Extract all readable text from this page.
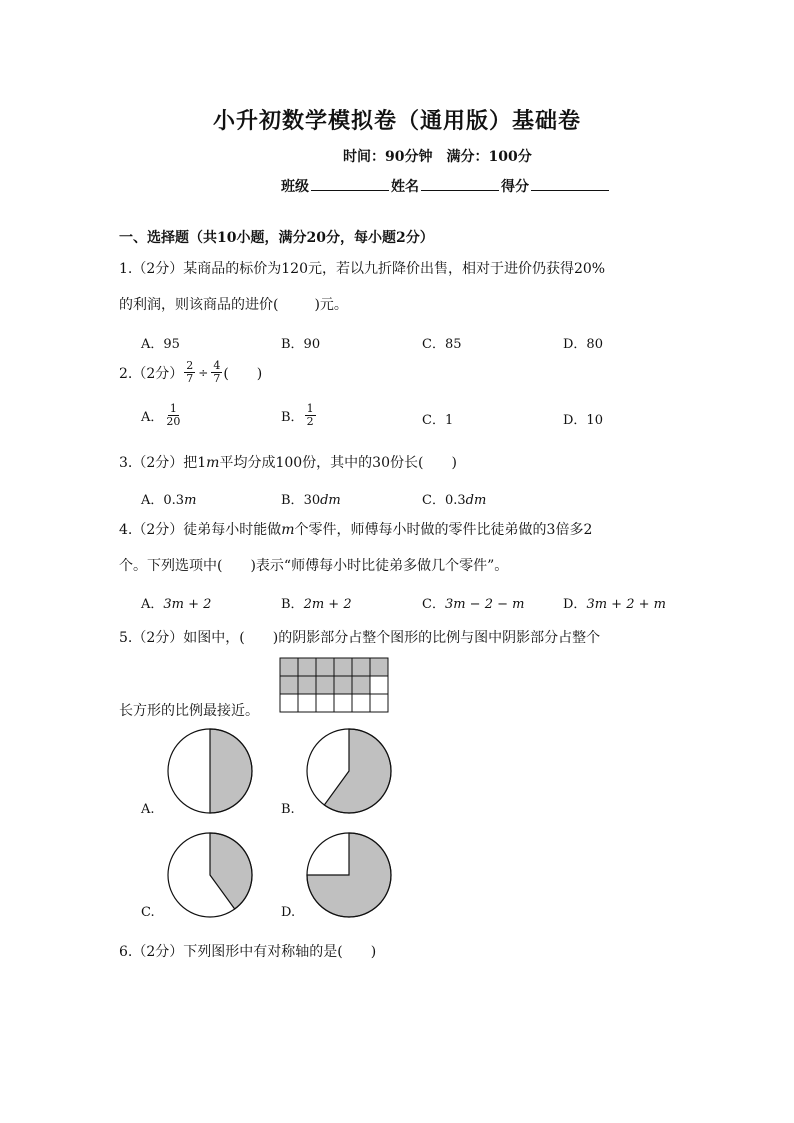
小升初数学模拟卷（通用版）基础卷
时间：90分钟　满分：100分
班级	姓名	得分
一、选择题（共10小题，满分20分，每小题2分）
1.（2分）某商品的标价为120元，若以九折降价出售，相对于进价仍获得20%
的利润，则该商品的进价(	)元。
A．95	B．90	C．85	D．80
2.（2分） $\frac{2}{7} \div \frac{4}{7}$ (　　)
A． $\frac{1}{20}$	B． $\frac{1}{2}$	C．1	D．10
3.（2分）把1m平均分成100份，其中的30份长(　　)
A．0.3m	B．30dm	C．0.3dm
4.（2分）徒弟每小时能做m个零件，师傅每小时做的零件比徒弟做的3倍多2
个。下列选项中(　　)表示“师傅每小时比徒弟多做几个零件”。
A．3m + 2	B．2m + 2	C．3m − 2 − m	D．3m + 2 + m
5.（2分）如图中，(　　)的阴影部分占整个图形的比例与图中阴影部分占整个
长方形的比例最接近。
A.	B.
C.	D.
6.（2分）下列图形中有对称轴的是(　　)
